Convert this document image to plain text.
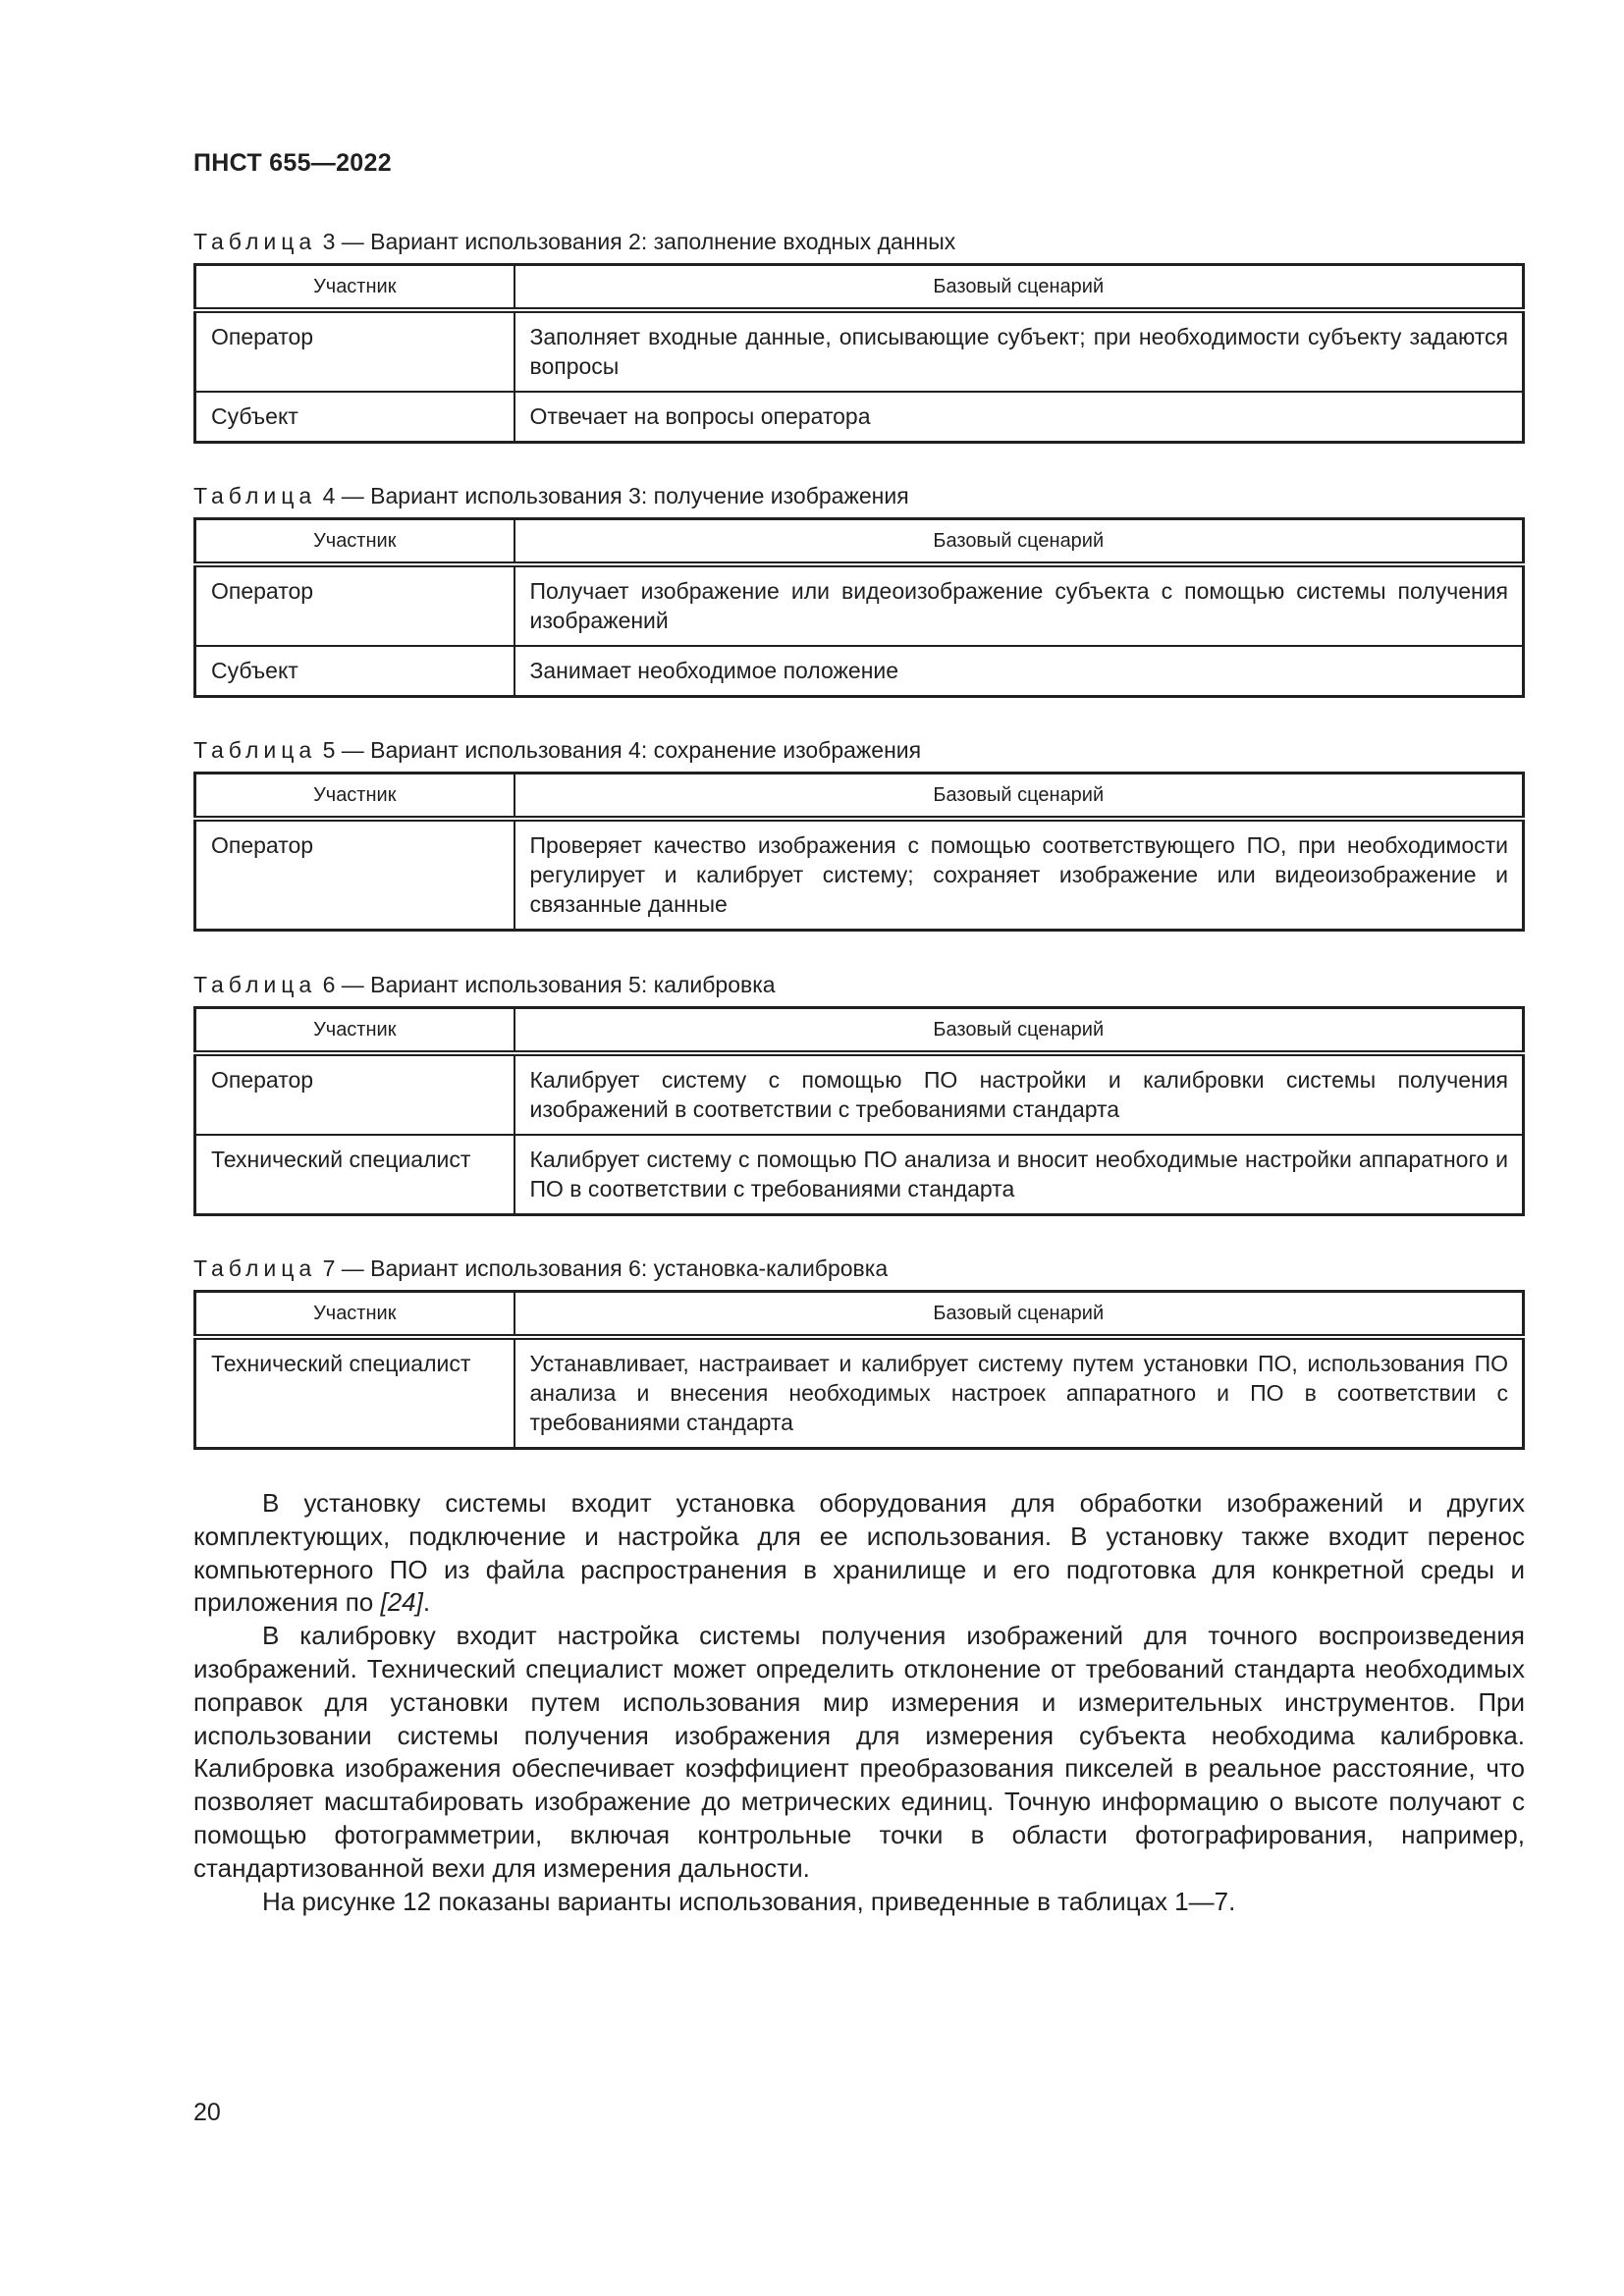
ПНСТ 655—2022
Таблица 3 — Вариант использования 2: заполнение входных данных
Участник	Базовый сценарий
Оператор	Заполняет входные данные, описывающие субъект; при необходимости субъекту задаются вопросы
Субъект	Отвечает на вопросы оператора
Таблица 4 — Вариант использования 3: получение изображения
Участник	Базовый сценарий
Оператор	Получает изображение или видеоизображение субъекта с помощью системы получения изображений
Субъект	Занимает необходимое положение
Таблица 5 — Вариант использования 4: сохранение изображения
Участник	Базовый сценарий
Оператор	Проверяет качество изображения с помощью соответствующего ПО, при необходимости регулирует и калибрует систему; сохраняет изображение или видеоизображение и связанные данные
Таблица 6 — Вариант использования 5: калибровка
Участник	Базовый сценарий
Оператор	Калибрует систему с помощью ПО настройки и калибровки системы получения изображений в соответствии с требованиями стандарта
Технический специалист	Калибрует систему с помощью ПО анализа и вносит необходимые настройки аппаратного и ПО в соответствии с требованиями стандарта
Таблица 7 — Вариант использования 6: установка-калибровка
Участник	Базовый сценарий
Технический специалист	Устанавливает, настраивает и калибрует систему путем установки ПО, использования ПО анализа и внесения необходимых настроек аппаратного и ПО в соответствии с требованиями стандарта

В установку системы входит установка оборудования для обработки изображений и других комплектующих, подключение и настройка для ее использования. В установку также входит перенос компьютерного ПО из файла распространения в хранилище и его подготовка для конкретной среды и приложения по [24].

В калибровку входит настройка системы получения изображений для точного воспроизведения изображений. Технический специалист может определить отклонение от требований стандарта необходимых поправок для установки путем использования мир измерения и измерительных инструментов. При использовании системы получения изображения для измерения субъекта необходима калибровка. Калибровка изображения обеспечивает коэффициент преобразования пикселей в реальное расстояние, что позволяет масштабировать изображение до метрических единиц. Точную информацию о высоте получают с помощью фотограмметрии, включая контрольные точки в области фотографирования, например, стандартизованной вехи для измерения дальности.

На рисунке 12 показаны варианты использования, приведенные в таблицах 1—7.

20
